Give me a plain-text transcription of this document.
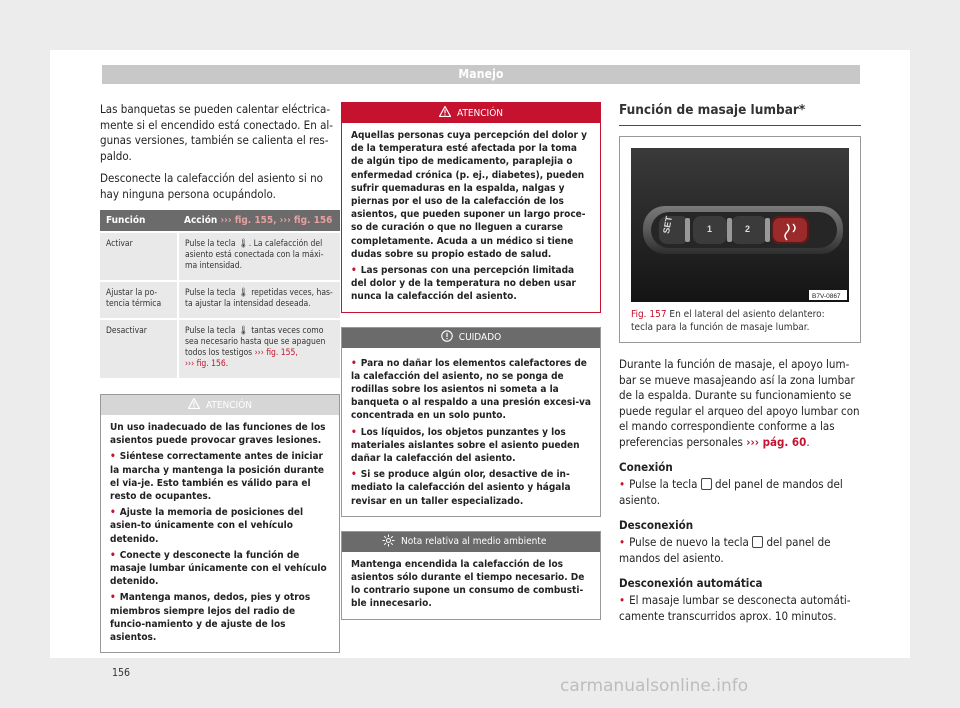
Manejo

Las banquetas se pueden calentar eléctrica-mente si el encendido está conectado. En al-gunas versiones, también se calienta el res-paldo.

Desconecte la calefacción del asiento si no hay ninguna persona ocupándolo.

Función	Acción ››› fig. 155, ››› fig. 156
Activar	Pulse la tecla 🌡. La calefacción del asiento está conectada con la máxi-ma intensidad.
Ajustar la po-tencia térmica	Pulse la tecla 🌡 repetidas veces, has-ta ajustar la intensidad deseada.
Desactivar	Pulse la tecla 🌡 tantas veces como sea necesario hasta que se apaguen todos los testigos ››› fig. 155,
››› fig. 156.
ATENCIÓN
Un uso inadecuado de las funciones de los asientos puede provocar graves lesiones.
• Siéntese correctamente antes de iniciar la marcha y mantenga la posición durante el via-je. Esto también es válido para el resto de ocupantes.
• Ajuste la memoria de posiciones del asien-to únicamente con el vehículo detenido.
• Conecte y desconecte la función de masaje lumbar únicamente con el vehículo detenido.
• Mantenga manos, dedos, pies y otros miembros siempre lejos del radio de funcio-namiento y de ajuste de los asientos.
ATENCIÓN
Aquellas personas cuya percepción del dolor y de la temperatura esté afectada por la toma de algún tipo de medicamento, paraplejia o enfermedad crónica (p. ej., diabetes), pueden sufrir quemaduras en la espalda, nalgas y piernas por el uso de la calefacción de los asientos, que pueden suponer un largo proce-so de curación o que no lleguen a curarse completamente. Acuda a un médico si tiene dudas sobre su propio estado de salud.
• Las personas con una percepción limitada del dolor y de la temperatura no deben usar nunca la calefacción del asiento.
CUIDADO
• Para no dañar los elementos calefactores de la calefacción del asiento, no se ponga de rodillas sobre los asientos ni someta a la banqueta o al respaldo a una presión excesi-va concentrada en un solo punto.
• Los líquidos, los objetos punzantes y los materiales aislantes sobre el asiento pueden dañar la calefacción del asiento.
• Si se produce algún olor, desactive de in-mediato la calefacción del asiento y hágala revisar en un taller especializado.
Nota relativa al medio ambiente
Mantenga encendida la calefacción de los asientos sólo durante el tiempo necesario. De lo contrario supone un consumo de combusti-ble innecesario.
Función de masaje lumbar*
SET	1	2
B7V-0867
Fig. 157 En el lateral del asiento delantero: tecla para la función de masaje lumbar.

Durante la función de masaje, el apoyo lum-bar se mueve masajeando así la zona lumbar de la espalda. Durante su funcionamiento se puede regular el arqueo del apoyo lumbar con el mando correspondiente conforme a las preferencias personales ››› pág. 60.

Conexión

• Pulse la tecla del panel de mandos del asiento.

Desconexión

• Pulse de nuevo la tecla del panel de mandos del asiento.

Desconexión automática

• El masaje lumbar se desconecta automáti-camente transcurridos aprox. 10 minutos.

156
carmanualsonline.info
